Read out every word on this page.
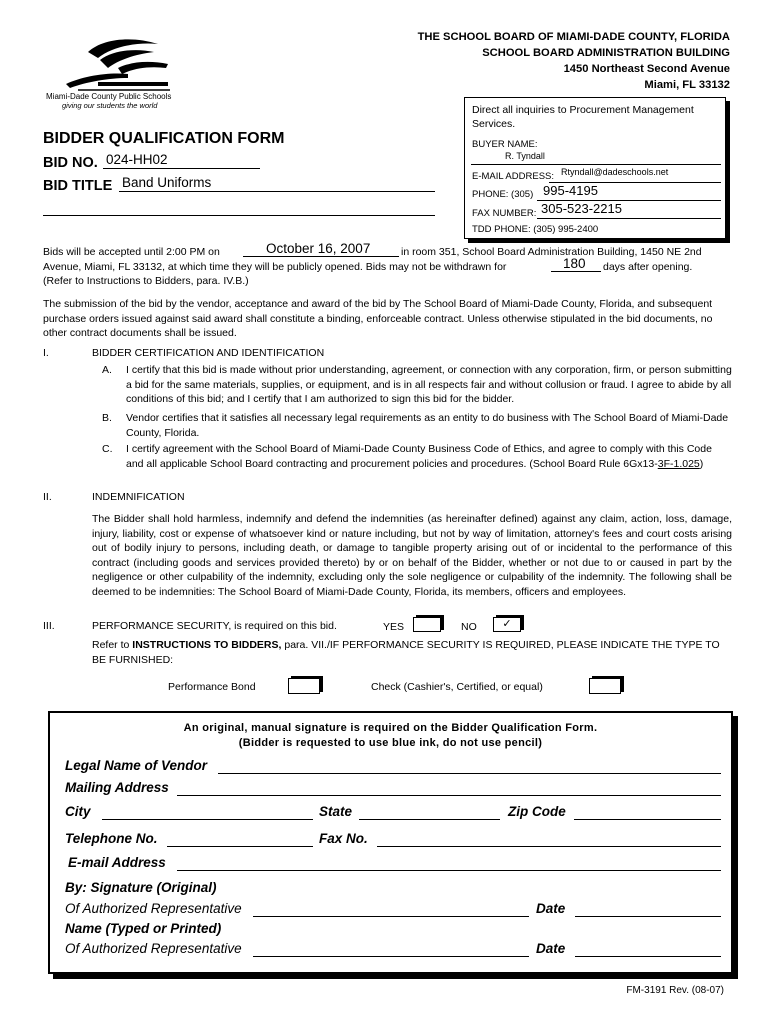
Miami-Dade County Public Schools
giving our students the world
THE SCHOOL BOARD OF MIAMI-DADE COUNTY, FLORIDA
SCHOOL BOARD ADMINISTRATION BUILDING
1450 Northeast Second Avenue
Miami, FL 33132
Direct all inquiries to Procurement Management Services.
BUYER NAME:
R. Tyndall
E-MAIL ADDRESS: Rtyndall@dadeschools.net
PHONE: (305) 995-4195
FAX NUMBER: 305-523-2215
TDD PHONE: (305) 995-2400
BIDDER QUALIFICATION FORM
BID NO. 024-HH02
BID TITLE Band Uniforms
Bids will be accepted until 2:00 PM on	October 16, 2007	in room 351, School Board Administration Building, 1450 NE 2nd
Avenue, Miami, FL 33132, at which time they will be publicly opened. Bids may not be withdrawn for	180 days after opening.
(Refer to Instructions to Bidders, para. IV.B.)
The submission of the bid by the vendor, acceptance and award of the bid by The School Board of Miami-Dade County, Florida, and subsequent purchase orders issued against said award shall constitute a binding, enforceable contract. Unless otherwise stipulated in the bid documents, no other contract documents shall be issued.
I.	BIDDER CERTIFICATION AND IDENTIFICATION
A. I certify that this bid is made without prior understanding, agreement, or connection with any corporation, firm, or person submitting a bid for the same materials, supplies, or equipment, and is in all respects fair and without collusion or fraud. I agree to abide by all conditions of this bid; and I certify that I am authorized to sign this bid for the bidder.
B. Vendor certifies that it satisfies all necessary legal requirements as an entity to do business with The School Board of Miami-Dade County, Florida.
C. I certify agreement with the School Board of Miami-Dade County Business Code of Ethics, and agree to comply with this Code and all applicable School Board contracting and procurement policies and procedures. (School Board Rule 6Gx13-3F-1.025)
II.	INDEMNIFICATION
The Bidder shall hold harmless, indemnify and defend the indemnities (as hereinafter defined) against any claim, action, loss, damage, injury, liability, cost or expense of whatsoever kind or nature including, but not by way of limitation, attorney's fees and court costs arising out of bodily injury to persons, including death, or damage to tangible property arising out of or incidental to the performance of this contract (including goods and services provided thereto) by or on behalf of the Bidder, whether or not due to or caused in part by the negligence or other culpability of the indemnity, excluding only the sole negligence or culpability of the indemnity. The following shall be deemed to be indemnities: The School Board of Miami-Dade County, Florida, its members, officers and employees.
III.	PERFORMANCE SECURITY, is required on this bid.	YES	NO	✓
Refer to INSTRUCTIONS TO BIDDERS, para. VII./IF PERFORMANCE SECURITY IS REQUIRED, PLEASE INDICATE THE TYPE TO BE FURNISHED:
Performance Bond	Check (Cashier's, Certified, or equal)
An original, manual signature is required on the Bidder Qualification Form.
(Bidder is requested to use blue ink, do not use pencil)
Legal Name of Vendor
Mailing Address
City	State	Zip Code
Telephone No.	Fax No.
E-mail Address
By: Signature (Original)
Of Authorized Representative	Date
Name (Typed or Printed)
Of Authorized Representative	Date
FM-3191 Rev. (08-07)
